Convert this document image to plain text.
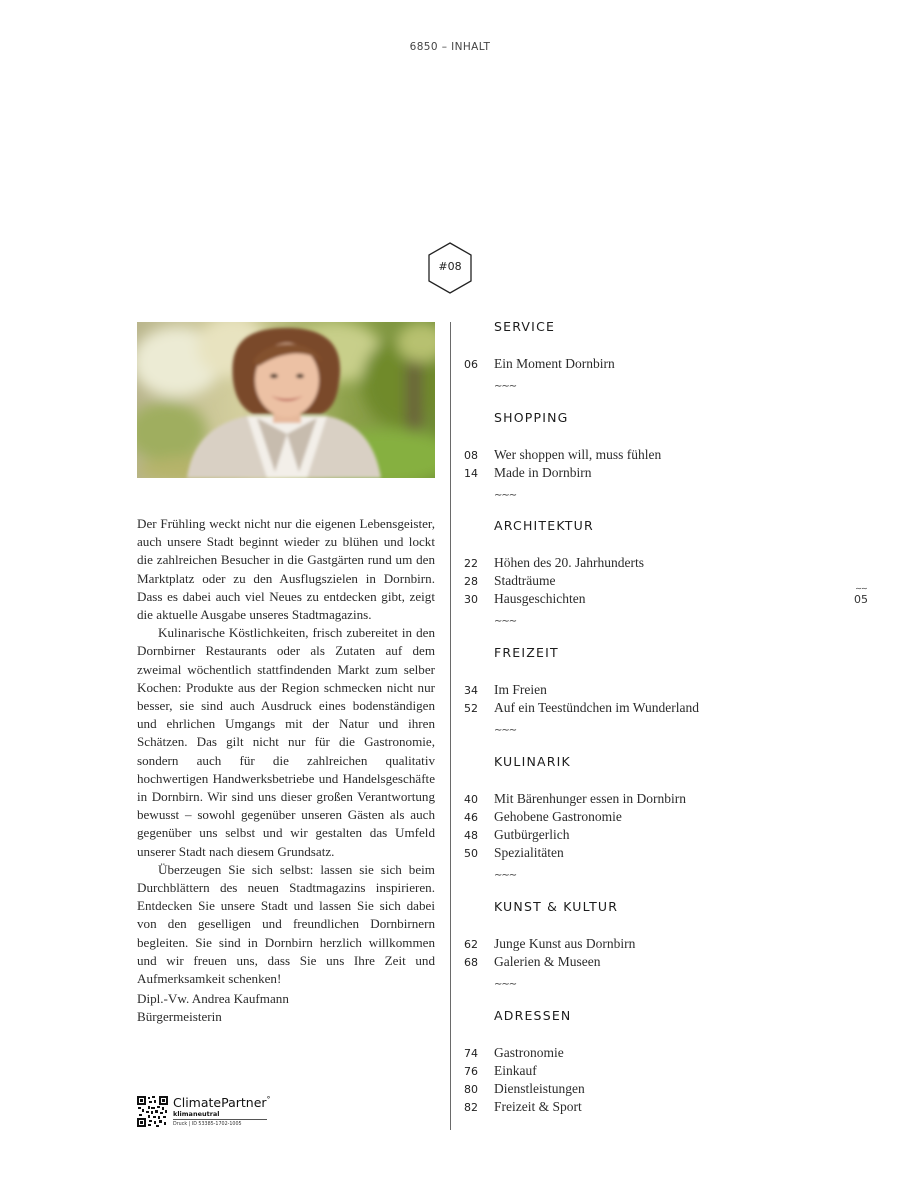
6850 – INHALT
#08

Der Frühling weckt nicht nur die eigenen Lebensgeister, auch unsere Stadt beginnt wieder zu blühen und lockt die zahlreichen Besucher in die Gastgärten rund um den Marktplatz oder zu den Ausflugszielen in Dornbirn. Dass es dabei auch viel Neues zu entdecken gibt, zeigt die aktuelle Ausgabe unseres Stadtmagazins.

Kulinarische Köstlichkeiten, frisch zubereitet in den Dornbirner Restaurants oder als Zutaten auf dem zweimal wöchentlich stattfindenden Markt zum selber Kochen: Produkte aus der Region schmecken nicht nur besser, sie sind auch Ausdruck eines bodenständigen und ehrlichen Umgangs mit der Natur und ihren Schätzen. Das gilt nicht nur für die Gastronomie, sondern auch für die zahlreichen qualitativ hochwertigen Handwerksbetriebe und Handelsgeschäfte in Dornbirn. Wir sind uns dieser großen Verantwortung bewusst – sowohl gegenüber unseren Gästen als auch gegenüber uns selbst und wir gestalten das Umfeld unserer Stadt nach diesem Grundsatz.

Überzeugen Sie sich selbst: lassen sie sich beim Durchblättern des neuen Stadtmagazins inspirieren. Entdecken Sie unsere Stadt und lassen Sie sich dabei von den geselligen und freundlichen Dornbirnern begleiten. Sie sind in Dornbirn herzlich willkommen und wir freuen uns, dass Sie uns Ihre Zeit und Aufmerksamkeit schenken!

Dipl.-Vw. Andrea Kaufmann
Bürgermeisterin
ClimatePartner°
klimaneutral
Druck | ID 53385-1702-1005
SERVICE
06 Ein Moment Dornbirn
∼∼∼
SHOPPING
08 Wer shoppen will, muss fühlen
14 Made in Dornbirn
∼∼∼
ARCHITEKTUR
22 Höhen des 20. Jahrhunderts
28 Stadträume
30 Hausgeschichten
∼∼∼
FREIZEIT
34 Im Freien
52 Auf ein Teestündchen im Wunderland
∼∼∼
KULINARIK
40 Mit Bärenhunger essen in Dornbirn
46 Gehobene Gastronomie
48 Gutbürgerlich
50 Spezialitäten
∼∼∼
KUNST & KULTUR
62 Junge Kunst aus Dornbirn
68 Galerien & Museen
∼∼∼
ADRESSEN
74 Gastronomie
76 Einkauf
80 Dienstleistungen
82 Freizeit & Sport
∼∼
05
